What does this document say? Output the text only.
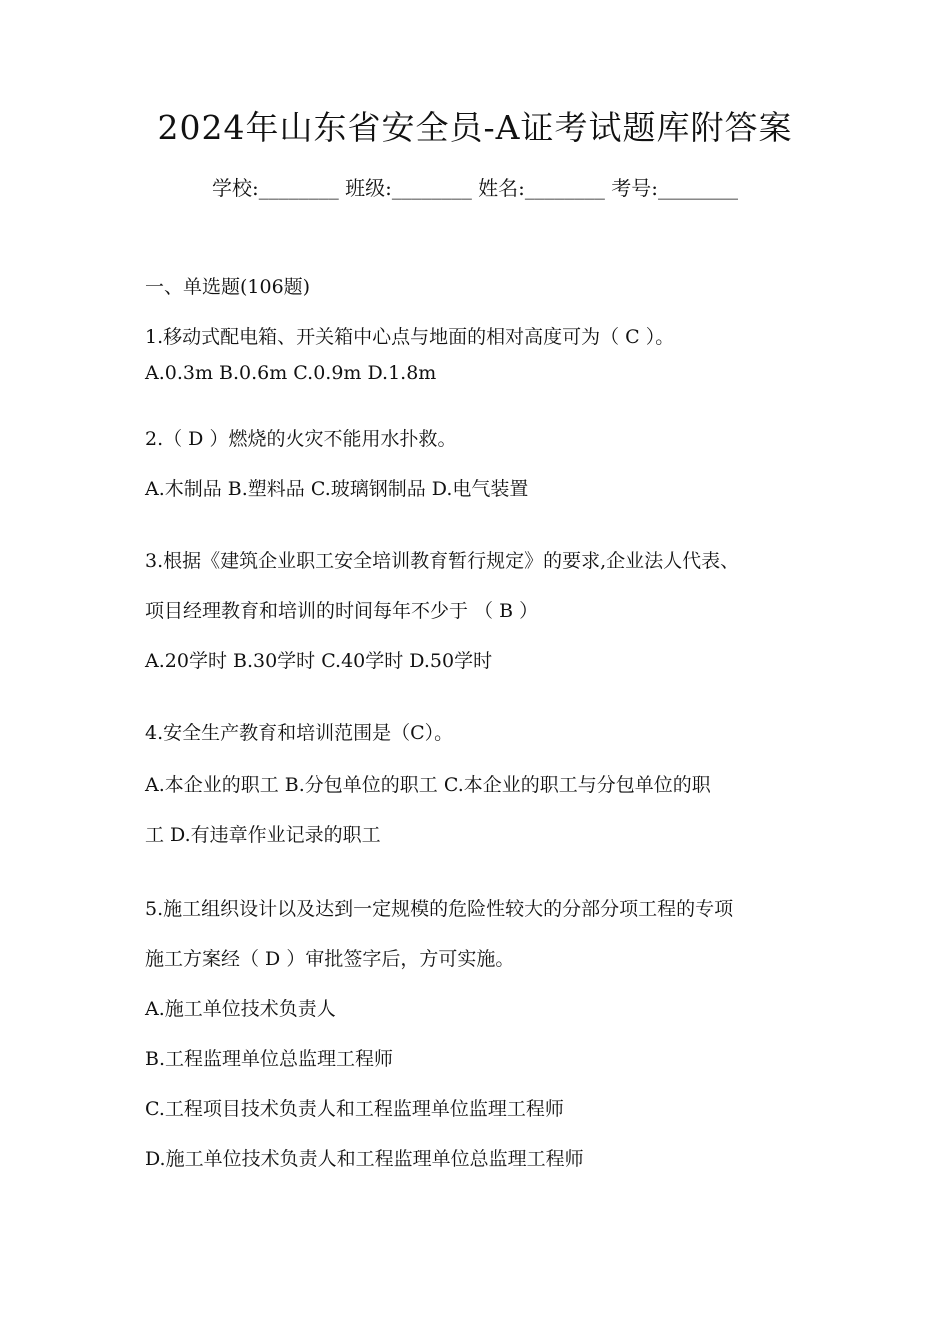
2024年山东省安全员-A证考试题库附答案
学校:________ 班级:________ 姓名:________ 考号:________
一、单选题(106题)
1.移动式配电箱、开关箱中心点与地面的相对高度可为（ C ）。
A.0.3m B.0.6m C.0.9m D.1.8m
2.（ D ）燃烧的火灾不能用水扑救。
A.木制品 B.塑料品 C.玻璃钢制品 D.电气装置
3.根据《建筑企业职工安全培训教育暂行规定》的要求,企业法人代表、
项目经理教育和培训的时间每年不少于 （ B ）
A.20学时 B.30学时 C.40学时 D.50学时
4.安全生产教育和培训范围是（C）。
A.本企业的职工 B.分包单位的职工 C.本企业的职工与分包单位的职
工 D.有违章作业记录的职工
5.施工组织设计以及达到一定规模的危险性较大的分部分项工程的专项
施工方案经（ D ）审批签字后，方可实施。
A.施工单位技术负责人
B.工程监理单位总监理工程师
C.工程项目技术负责人和工程监理单位监理工程师
D.施工单位技术负责人和工程监理单位总监理工程师
